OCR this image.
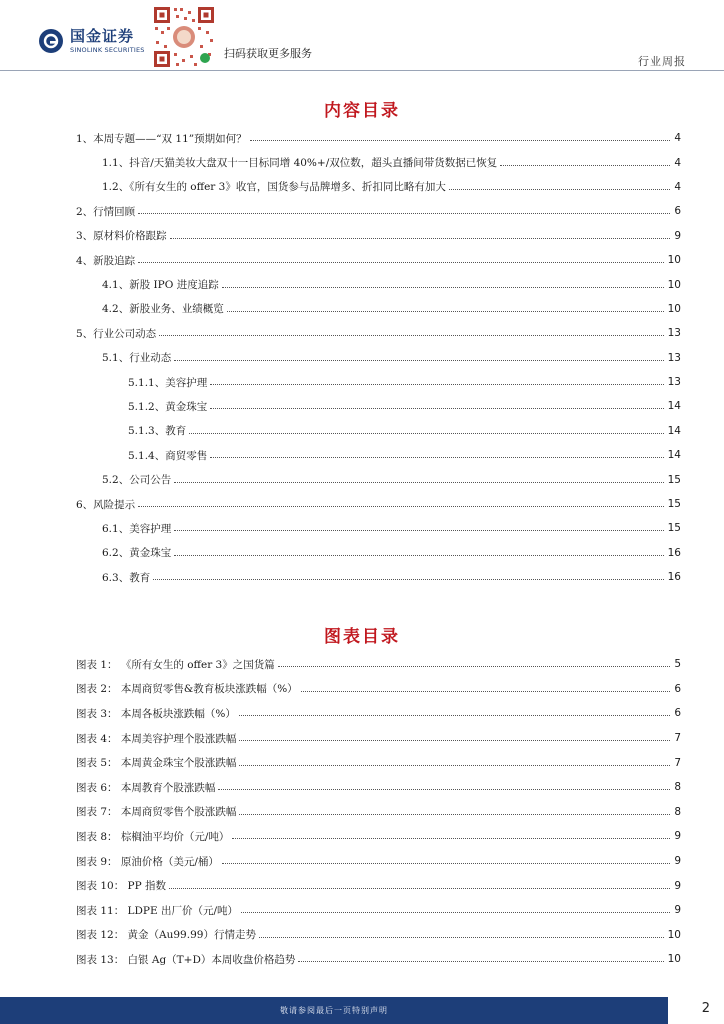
国金证券
SINOLINK SECURITIES	扫码获取更多服务
行业周报
内容目录
1、本周专题——“双 11”预期如何？	4
1.1、抖音/天猫美妆大盘双十一目标同增 40%+/双位数，超头直播间带货数据已恢复	4
1.2、《所有女生的 offer 3》收官，国货参与品牌增多、折扣同比略有加大	4
2、行情回顾	6
3、原材料价格跟踪	9
4、新股追踪	10
4.1、新股 IPO 进度追踪	10
4.2、新股业务、业绩概览	10
5、行业公司动态	13
5.1、行业动态	13
5.1.1、美容护理	13
5.1.2、黄金珠宝	14
5.1.3、教育	14
5.1.4、商贸零售	14
5.2、公司公告	15
6、风险提示	15
6.1、美容护理	15
6.2、黄金珠宝	16
6.3、教育	16
图表目录
图表 1： 《所有女生的 offer 3》之国货篇	5
图表 2： 本周商贸零售&教育板块涨跌幅（%）	6
图表 3： 本周各板块涨跌幅（%）	6
图表 4： 本周美容护理个股涨跌幅	7
图表 5： 本周黄金珠宝个股涨跌幅	7
图表 6： 本周教育个股涨跌幅	8
图表 7： 本周商贸零售个股涨跌幅	8
图表 8： 棕榈油平均价（元/吨）	9
图表 9： 原油价格（美元/桶）	9
图表 10： PP 指数	9
图表 11： LDPE 出厂价（元/吨）	9
图表 12： 黄金（Au99.99）行情走势	10
图表 13： 白银 Ag（T+D）本周收盘价格趋势	10
敬请参阅最后一页特别声明	2
